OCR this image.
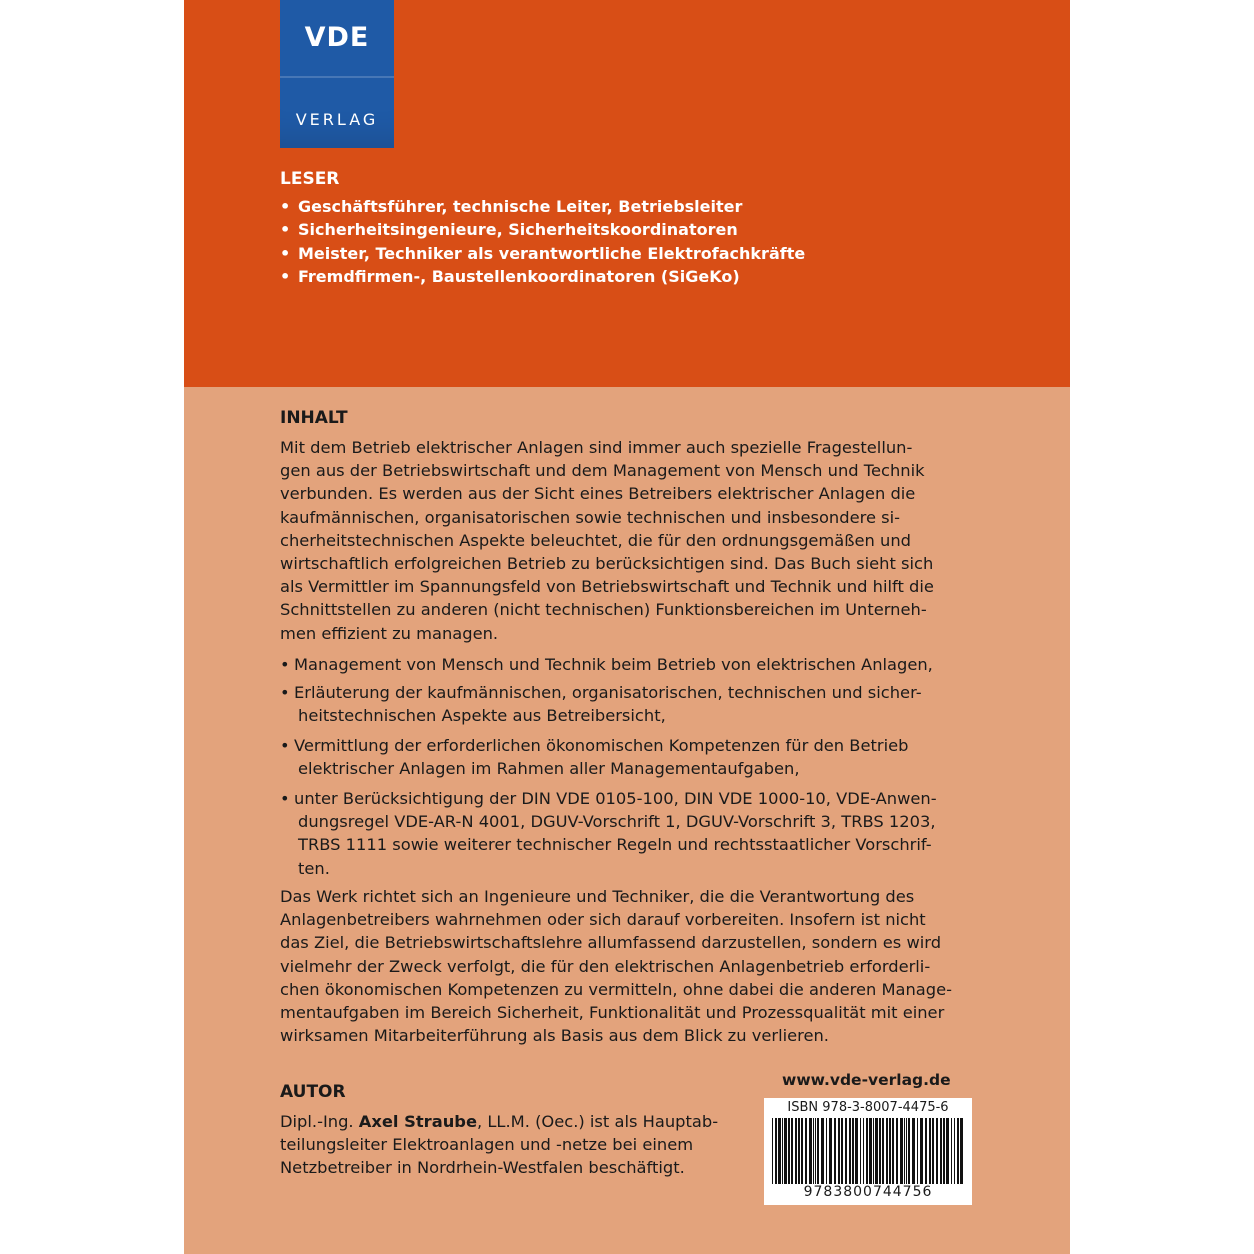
VDE
VERLAG
LESER
• Geschäftsführer, technische Leiter, Betriebsleiter
• Sicherheitsingenieure, Sicherheitskoordinatoren
• Meister, Techniker als verantwortliche Elektrofachkräfte
• Fremdfirmen-, Baustellenkoordinatoren (SiGeKo)
INHALT
Mit dem Betrieb elektrischer Anlagen sind immer auch spezielle Fragestellun-
gen aus der Betriebswirtschaft und dem Management von Mensch und Technik
verbunden. Es werden aus der Sicht eines Betreibers elektrischer Anlagen die
kaufmännischen, organisatorischen sowie technischen und insbesondere si-
cherheitstechnischen Aspekte beleuchtet, die für den ordnungsgemäßen und
wirtschaftlich erfolgreichen Betrieb zu berücksichtigen sind. Das Buch sieht sich
als Vermittler im Spannungsfeld von Betriebswirtschaft und Technik und hilft die
Schnittstellen zu anderen (nicht technischen) Funktionsbereichen im Unterneh-
men effizient zu managen.
• Management von Mensch und Technik beim Betrieb von elektrischen Anlagen,
• Erläuterung der kaufmännischen, organisatorischen, technischen und sicher-
heitstechnischen Aspekte aus Betreibersicht,
• Vermittlung der erforderlichen ökonomischen Kompetenzen für den Betrieb
elektrischer Anlagen im Rahmen aller Managementaufgaben,
• unter Berücksichtigung der DIN VDE 0105-100, DIN VDE 1000-10, VDE-Anwen-
dungsregel VDE-AR-N 4001, DGUV-Vorschrift 1, DGUV-Vorschrift 3, TRBS 1203,
TRBS 1111 sowie weiterer technischer Regeln und rechtsstaatlicher Vorschrif-
ten.
Das Werk richtet sich an Ingenieure und Techniker, die die Verantwortung des
Anlagenbetreibers wahrnehmen oder sich darauf vorbereiten. Insofern ist nicht
das Ziel, die Betriebswirtschaftslehre allumfassend darzustellen, sondern es wird
vielmehr der Zweck verfolgt, die für den elektrischen Anlagenbetrieb erforderli-
chen ökonomischen Kompetenzen zu vermitteln, ohne dabei die anderen Manage-
mentaufgaben im Bereich Sicherheit, Funktionalität und Prozessqualität mit einer
wirksamen Mitarbeiterführung als Basis aus dem Blick zu verlieren.
AUTOR
Dipl.-Ing. Axel Straube, LL.M. (Oec.) ist als Hauptab-
teilungsleiter Elektroanlagen und -netze bei einem
Netzbetreiber in Nordrhein-Westfalen beschäftigt.
www.vde-verlag.de
ISBN 978-3-8007-4475-6
9783800744756
